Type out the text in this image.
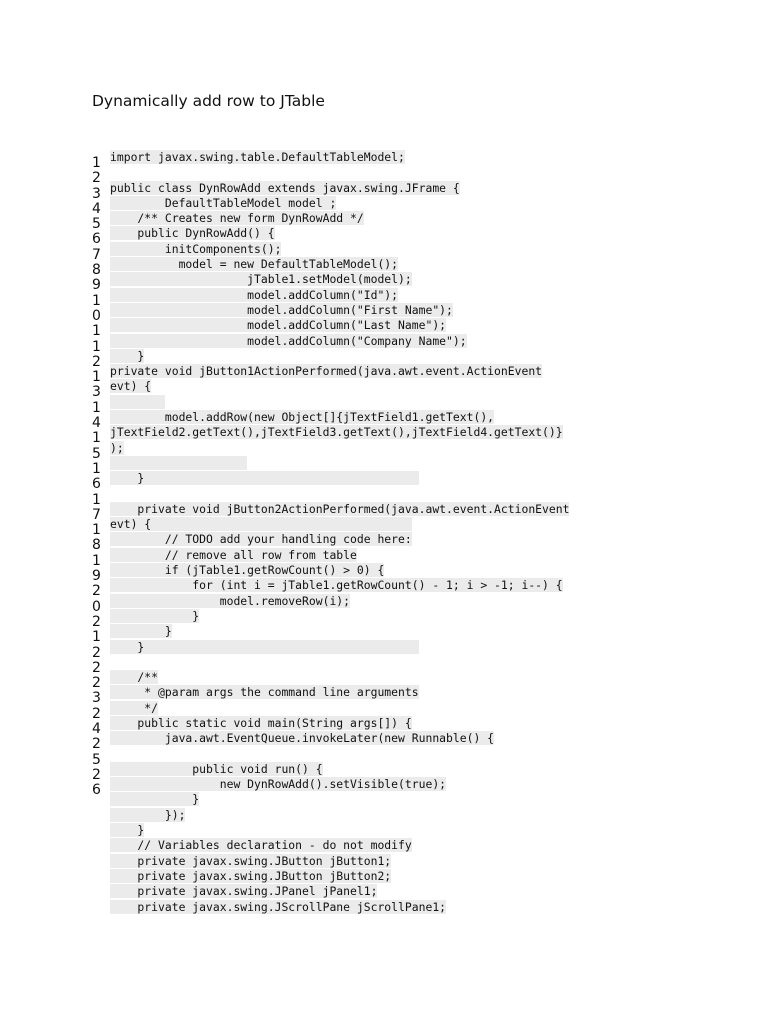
Dynamically add row to JTable
1
2
3
4
5
6
7
8
9
1
0
1
1
2
1
3
1
4
1
5
1
6
1
7
1
8
1
9
2
0
2
1
2
2
2
3
2
4
2
5
2
6
import javax.swing.table.DefaultTableModel;
public class DynRowAdd extends javax.swing.JFrame {
DefaultTableModel model ;
/** Creates new form DynRowAdd */
public DynRowAdd() {
initComponents();
model = new DefaultTableModel();
jTable1.setModel(model);
model.addColumn("Id");
model.addColumn("First Name");
model.addColumn("Last Name");
model.addColumn("Company Name");
}
private void jButton1ActionPerformed(java.awt.event.ActionEvent
evt) {

model.addRow(new Object[]{jTextField1.getText(),
jTextField2.getText(),jTextField3.getText(),jTextField4.getText()}
);

}
private void jButton2ActionPerformed(java.awt.event.ActionEvent
evt) {
// TODO add your handling code here:
// remove all row from table
if (jTable1.getRowCount() > 0) {
for (int i = jTable1.getRowCount() - 1; i > -1; i--) {
model.removeRow(i);
}
}
}
/**
* @param args the command line arguments
*/
public static void main(String args[]) {
java.awt.EventQueue.invokeLater(new Runnable() {
public void run() {
new DynRowAdd().setVisible(true);
}
});
}
// Variables declaration - do not modify
private javax.swing.JButton jButton1;
private javax.swing.JButton jButton2;
private javax.swing.JPanel jPanel1;
private javax.swing.JScrollPane jScrollPane1;
